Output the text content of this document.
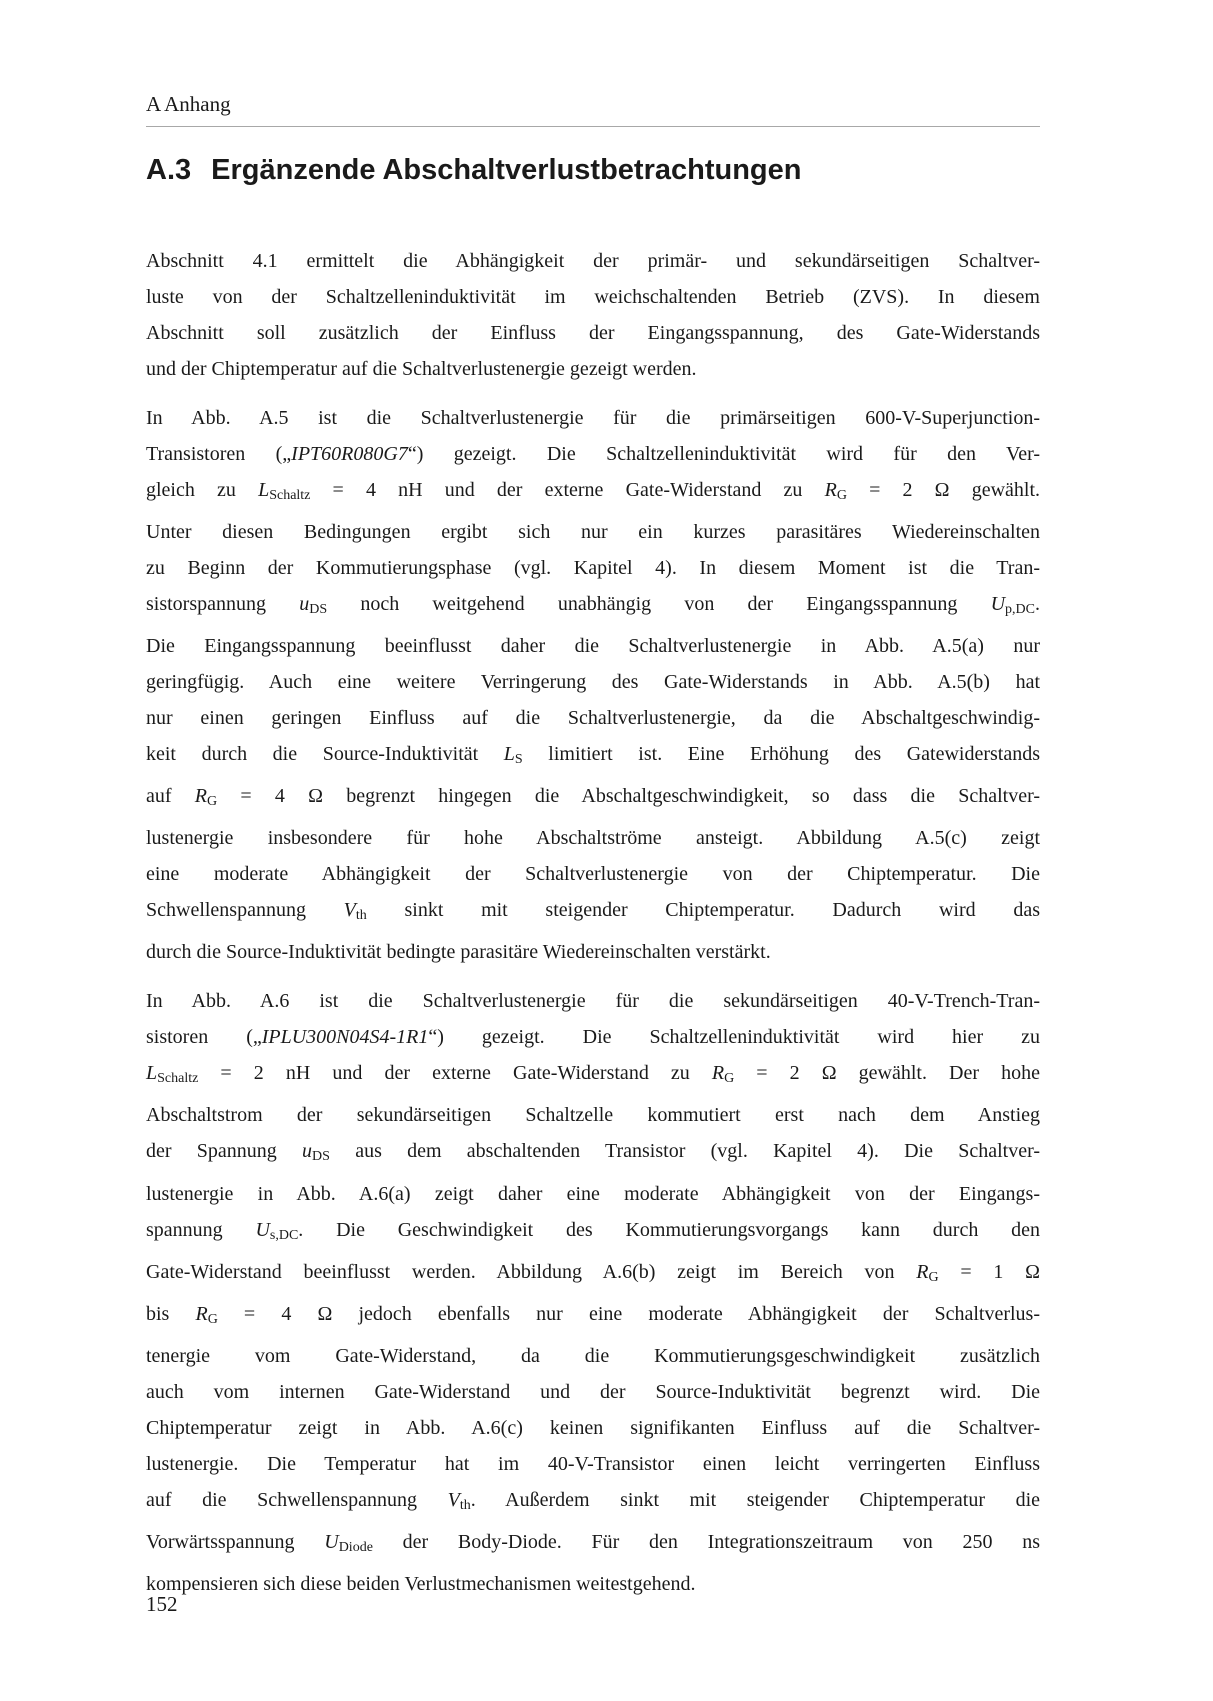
A Anhang
A.3 Ergänzende Abschaltverlustbetrachtungen
Abschnitt 4.1 ermittelt die Abhängigkeit der primär- und sekundärseitigen Schaltver-
luste von der Schaltzelleninduktivität im weichschaltenden Betrieb (ZVS). In diesem
Abschnitt soll zusätzlich der Einfluss der Eingangsspannung, des Gate-Widerstands
und der Chiptemperatur auf die Schaltverlustenergie gezeigt werden.
In Abb. A.5 ist die Schaltverlustenergie für die primärseitigen 600-V-Superjunction-
Transistoren („IPT60R080G7“) gezeigt. Die Schaltzelleninduktivität wird für den Ver-
gleich zu $L_{Schaltz} = 4$ nH und der externe Gate-Widerstand zu $R_G = 2$ Ω gewählt.
Unter diesen Bedingungen ergibt sich nur ein kurzes parasitäres Wiedereinschalten
zu Beginn der Kommutierungsphase (vgl. Kapitel 4). In diesem Moment ist die Tran-
sistorspannung $u_{DS}$ noch weitgehend unabhängig von der Eingangsspannung $U_{p,DC}$.
Die Eingangsspannung beeinflusst daher die Schaltverlustenergie in Abb. A.5(a) nur
geringfügig. Auch eine weitere Verringerung des Gate-Widerstands in Abb. A.5(b) hat
nur einen geringen Einfluss auf die Schaltverlustenergie, da die Abschaltgeschwindig-
keit durch die Source-Induktivität $L_S$ limitiert ist. Eine Erhöhung des Gatewiderstands
auf $R_G = 4$ Ω begrenzt hingegen die Abschaltgeschwindigkeit, so dass die Schaltver-
lustenergie insbesondere für hohe Abschaltströme ansteigt. Abbildung A.5(c) zeigt
eine moderate Abhängigkeit der Schaltverlustenergie von der Chiptemperatur. Die
Schwellenspannung $V_{th}$ sinkt mit steigender Chiptemperatur. Dadurch wird das
durch die Source-Induktivität bedingte parasitäre Wiedereinschalten verstärkt.
In Abb. A.6 ist die Schaltverlustenergie für die sekundärseitigen 40-V-Trench-Tran-
sistoren („IPLU300N04S4-1R1“) gezeigt. Die Schaltzelleninduktivität wird hier zu
$L_{Schaltz} = 2$ nH und der externe Gate-Widerstand zu $R_G = 2$ Ω gewählt. Der hohe
Abschaltstrom der sekundärseitigen Schaltzelle kommutiert erst nach dem Anstieg
der Spannung $u_{DS}$ aus dem abschaltenden Transistor (vgl. Kapitel 4). Die Schaltver-
lustenergie in Abb. A.6(a) zeigt daher eine moderate Abhängigkeit von der Eingangs-
spannung $U_{s,DC}$. Die Geschwindigkeit des Kommutierungsvorgangs kann durch den
Gate-Widerstand beeinflusst werden. Abbildung A.6(b) zeigt im Bereich von $R_G = 1$ Ω
bis $R_G = 4$ Ω jedoch ebenfalls nur eine moderate Abhängigkeit der Schaltverlus-
tenergie vom Gate-Widerstand, da die Kommutierungsgeschwindigkeit zusätzlich
auch vom internen Gate-Widerstand und der Source-Induktivität begrenzt wird. Die
Chiptemperatur zeigt in Abb. A.6(c) keinen signifikanten Einfluss auf die Schaltver-
lustenergie. Die Temperatur hat im 40-V-Transistor einen leicht verringerten Einfluss
auf die Schwellenspannung $V_{th}$. Außerdem sinkt mit steigender Chiptemperatur die
Vorwärtsspannung $U_{Diode}$ der Body-Diode. Für den Integrationszeitraum von 250 ns
kompensieren sich diese beiden Verlustmechanismen weitestgehend.
152
